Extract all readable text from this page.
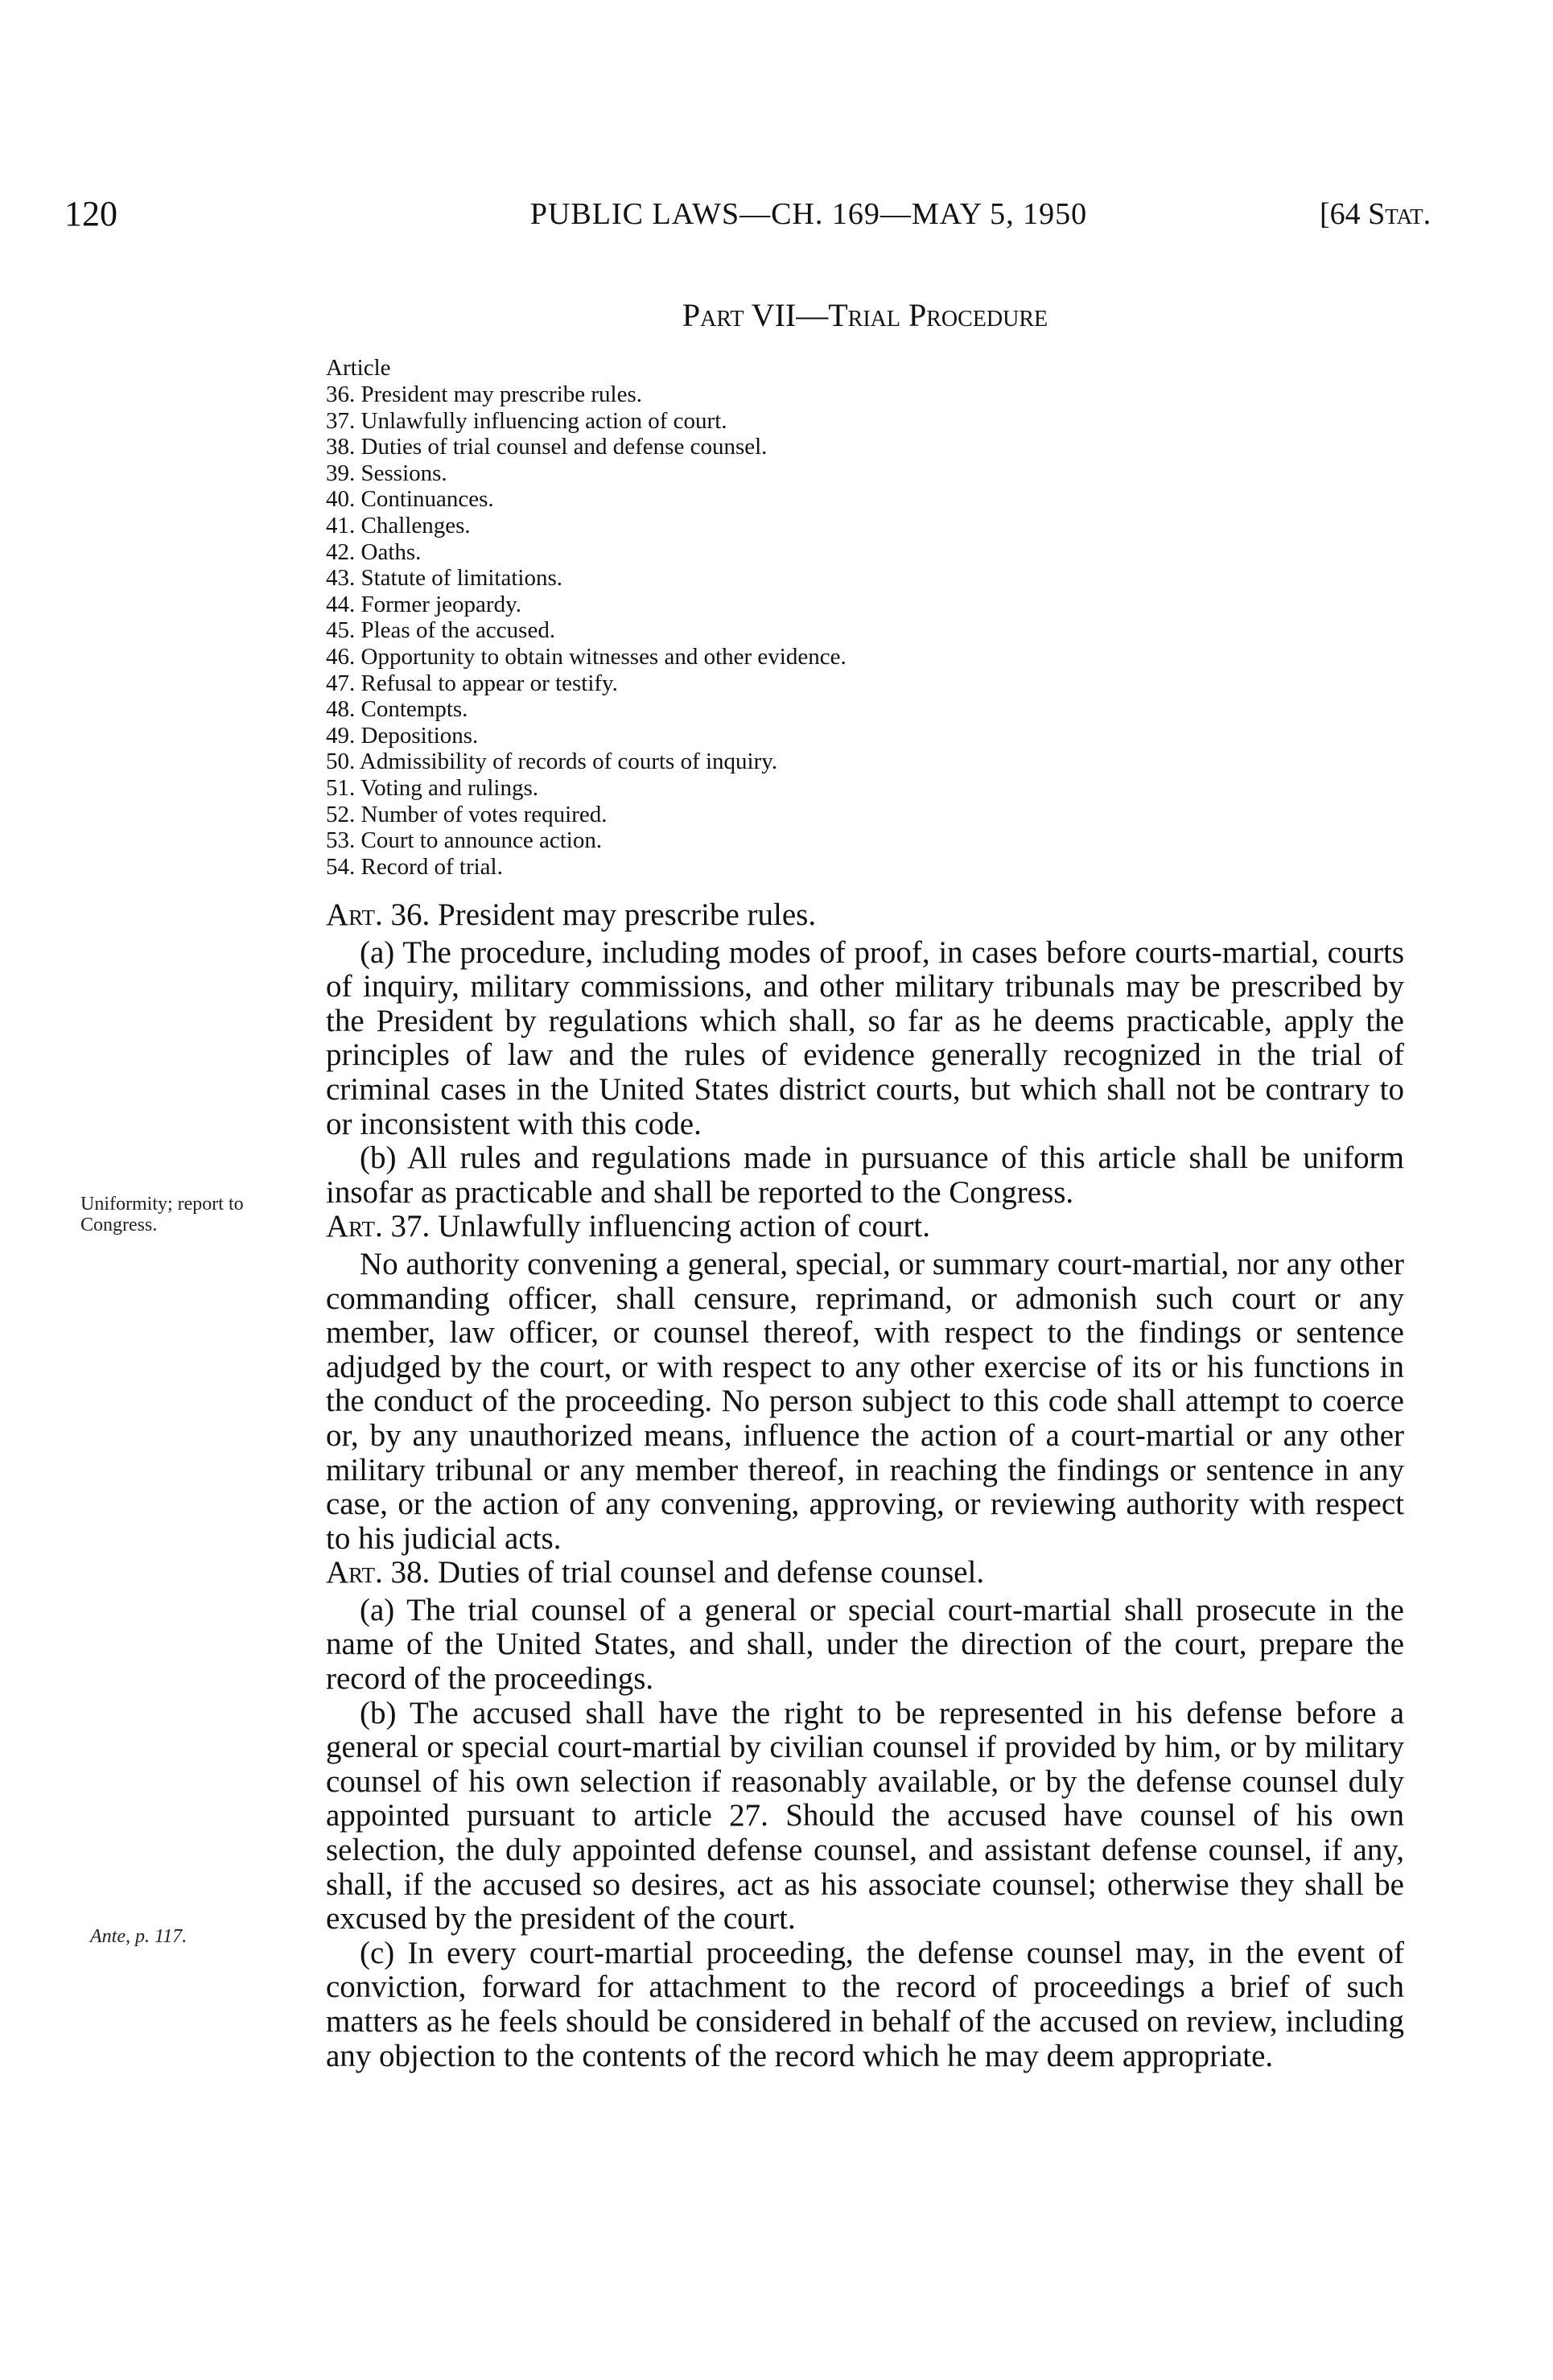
120	PUBLIC LAWS—CH. 169—MAY 5, 1950	[64 Stat.
Part VII—Trial Procedure
Article
36. President may prescribe rules.
37. Unlawfully influencing action of court.
38. Duties of trial counsel and defense counsel.
39. Sessions.
40. Continuances.
41. Challenges.
42. Oaths.
43. Statute of limitations.
44. Former jeopardy.
45. Pleas of the accused.
46. Opportunity to obtain witnesses and other evidence.
47. Refusal to appear or testify.
48. Contempts.
49. Depositions.
50. Admissibility of records of courts of inquiry.
51. Voting and rulings.
52. Number of votes required.
53. Court to announce action.
54. Record of trial.
Uniformity; report to Congress.
Ante, p. 117.
Art. 36. President may prescribe rules.

(a) The procedure, including modes of proof, in cases before courts-martial, courts of inquiry, military commissions, and other military tribunals may be prescribed by the President by regulations which shall, so far as he deems practicable, apply the principles of law and the rules of evidence generally recognized in the trial of criminal cases in the United States district courts, but which shall not be contrary to or inconsistent with this code.

(b) All rules and regulations made in pursuance of this article shall be uniform insofar as practicable and shall be reported to the Congress.

Art. 37. Unlawfully influencing action of court.

No authority convening a general, special, or summary court-martial, nor any other commanding officer, shall censure, reprimand, or admonish such court or any member, law officer, or counsel thereof, with respect to the findings or sentence adjudged by the court, or with respect to any other exercise of its or his functions in the conduct of the proceeding. No person subject to this code shall attempt to coerce or, by any unauthorized means, influence the action of a court-martial or any other military tribunal or any member thereof, in reaching the findings or sentence in any case, or the action of any convening, approving, or reviewing authority with respect to his judicial acts.

Art. 38. Duties of trial counsel and defense counsel.

(a) The trial counsel of a general or special court-martial shall prosecute in the name of the United States, and shall, under the direction of the court, prepare the record of the proceedings.

(b) The accused shall have the right to be represented in his defense before a general or special court-martial by civilian counsel if provided by him, or by military counsel of his own selection if reasonably available, or by the defense counsel duly appointed pursuant to article 27. Should the accused have counsel of his own selection, the duly appointed defense counsel, and assistant defense counsel, if any, shall, if the accused so desires, act as his associate counsel; otherwise they shall be excused by the president of the court.

(c) In every court-martial proceeding, the defense counsel may, in the event of conviction, forward for attachment to the record of proceedings a brief of such matters as he feels should be considered in behalf of the accused on review, including any objection to the contents of the record which he may deem appropriate.
